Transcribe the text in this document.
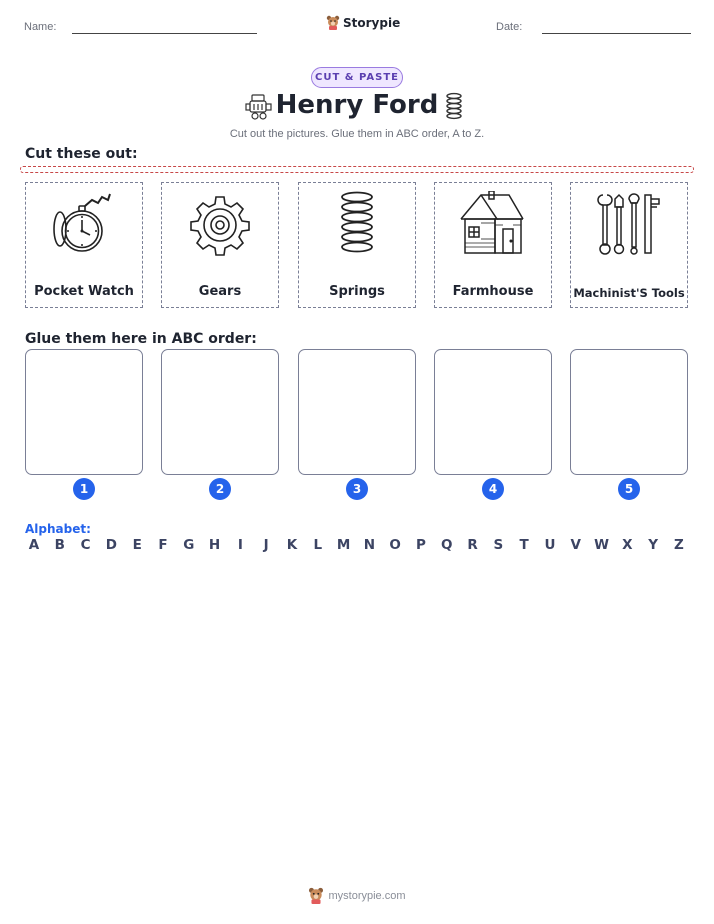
Name:	Storypie	Date:
CUT & PASTE
Henry Ford
Cut out the pictures. Glue them in ABC order, A to Z.
Cut these out:
Pocket Watch	Gears	Springs	Farmhouse	Machinist'S Tools
Glue them here in ABC order:
1	2	3	4	5
Alphabet:
A B C D	E	F	G H	I	J	K	L	M N O P Q R	S	T	U V W X	Y	Z
mystorypie.com
